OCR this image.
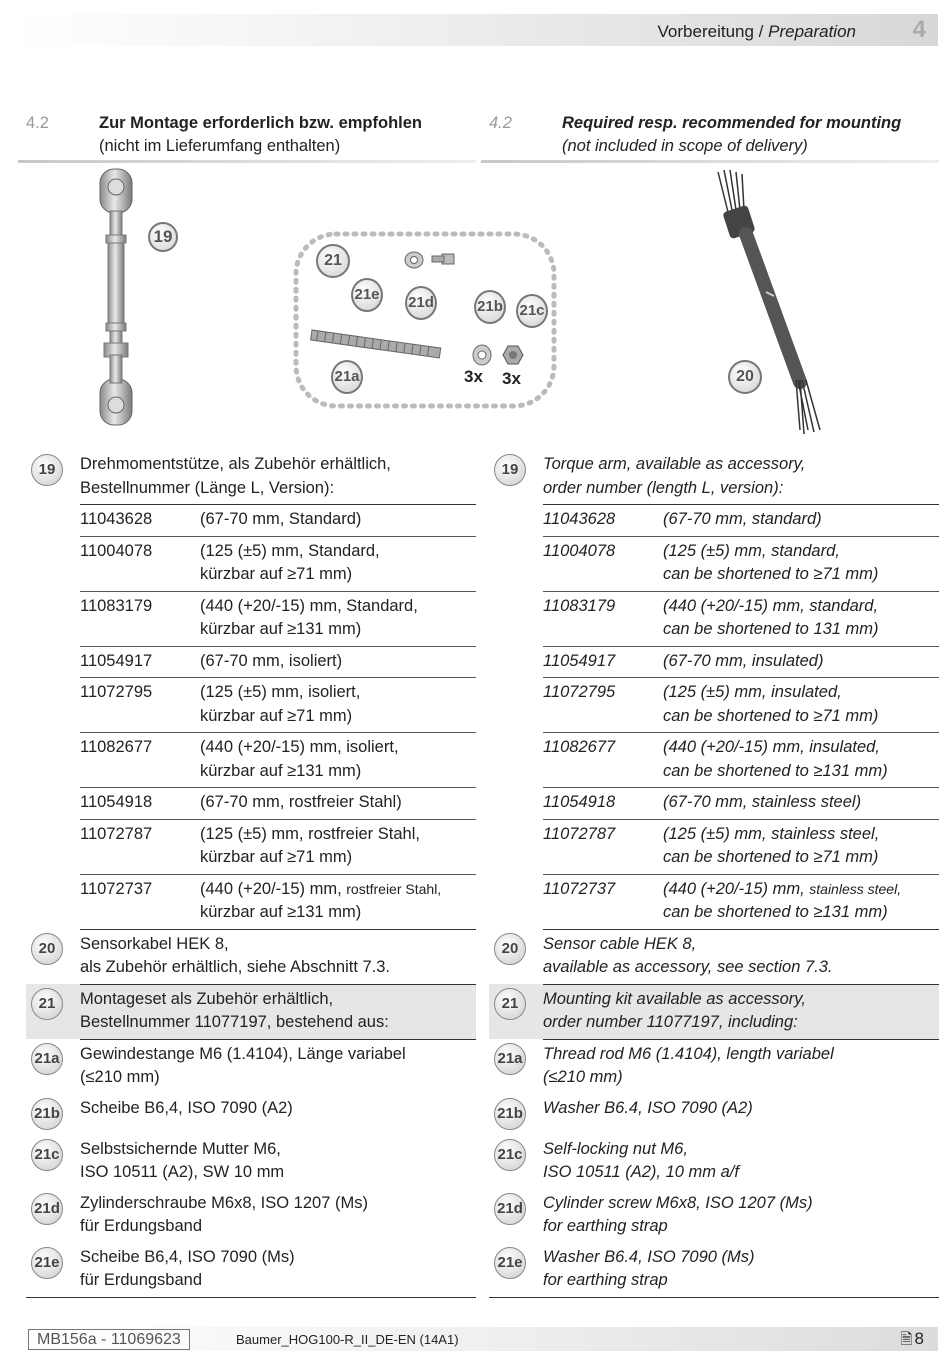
Vorbereitung / Preparation 4
4.2	Zur Montage erforderlich bzw. empfohlen
(nicht im Lieferumfang enthalten)
4.2	Required resp. recommended for mounting
(not included in scope of delivery)
19
21
21e 21d	21b 21c
21a	3x 3x	20
19	Drehmomentstütze, als Zubehör erhältlich,
Bestellnummer (Länge L, Version):

	11043628 (67-70 mm, Standard)

	11004078 (125 (±5) mm, Standard,
kürzbar auf ≥71 mm)

	11083179 (440 (+20/-15) mm, Standard,
kürzbar auf ≥131 mm)

	11054917 (67-70 mm, isoliert)

	11072795 (125 (±5) mm, isoliert,
kürzbar auf ≥71 mm)

	11082677 (440 (+20/-15) mm, isoliert,
kürzbar auf ≥131 mm)

	11054918 (67-70 mm, rostfreier Stahl)

	11072787 (125 (±5) mm, rostfreier Stahl,
kürzbar auf ≥71 mm)

	11072737 (440 (+20/-15) mm, rostfreier Stahl,
kürzbar auf ≥131 mm)

20	Sensorkabel HEK 8,
als Zubehör erhältlich, siehe Abschnitt 7.3.

21	Montageset als Zubehör erhältlich,
Bestellnummer 11077197, bestehend aus:

21a	Gewindestange M6 (1.4104), Länge variabel
(≤210 mm)

21b	Scheibe B6,4, ISO 7090 (A2)

21c	Selbstsichernde Mutter M6,
ISO 10511 (A2), SW 10 mm

21d	Zylinderschraube M6x8, ISO 1207 (Ms)
für Erdungsband

21e	Scheibe B6,4, ISO 7090 (Ms)
für Erdungsband
19	Torque arm, available as accessory,
order number (length L, version):

	11043628 (67-70 mm, standard)

	11004078 (125 (±5) mm, standard,
can be shortened to ≥71 mm)

	11083179 (440 (+20/-15) mm, standard,
can be shortened to 131 mm)

	11054917 (67-70 mm, insulated)

	11072795 (125 (±5) mm, insulated,
can be shortened to ≥71 mm)

	11082677 (440 (+20/-15) mm, insulated,
can be shortened to ≥131 mm)

	11054918 (67-70 mm, stainless steel)

	11072787 (125 (±5) mm, stainless steel,
can be shortened to ≥71 mm)

	11072737 (440 (+20/-15) mm, stainless steel,
can be shortened to ≥131 mm)

20	Sensor cable HEK 8,
available as accessory, see section 7.3.

21	Mounting kit available as accessory,
order number 11077197, including:

21a	Thread rod M6 (1.4104), length variabel
(≤210 mm)

21b	Washer B6.4, ISO 7090 (A2)

21c	Self-locking nut M6,
ISO 10511 (A2), 10 mm a/f

21d	Cylinder screw M6x8, ISO 1207 (Ms)
for earthing strap

21e	Washer B6.4, ISO 7090 (Ms)
for earthing strap
MB156a - 11069623	Baumer_HOG100-R_II_DE-EN (14A1)	🗎 8
